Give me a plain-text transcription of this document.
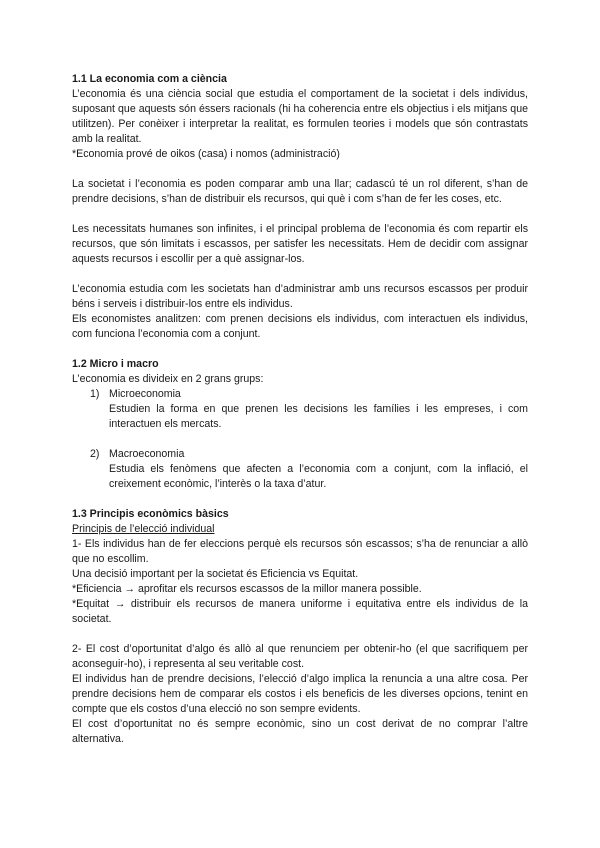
1.1 La economia com a ciència

L’economia és una ciència social que estudia el comportament de la societat i dels individus, suposant que aquests són éssers racionals (hi ha coherencia entre els objectius i els mitjans que utilitzen). Per conèixer i interpretar la realitat, es formulen teories i models que són contrastats amb la realitat.

*Economia prové de oikos (casa) i nomos (administració)

La societat i l’economia es poden comparar amb una llar; cadascú té un rol diferent, s’han de prendre decisions, s’han de distribuir els recursos, qui què i com s’han de fer les coses, etc.

Les necessitats humanes son infinites, i el principal problema de l’economia és com repartir els recursos, que són limitats i escassos, per satisfer les necessitats. Hem de decidir com assignar aquests recursos i escollir per a què assignar-los.

L’economia estudia com les societats han d’administrar amb uns recursos escassos per produir béns i serveis i distribuir-los entre els individus.

Els economistes analitzen: com prenen decisions els individus, com interactuen els individus, com funciona l’economia com a conjunt.

1.2 Micro i macro

L’economia es divideix en 2 grans grups:

1) Microeconomia

Estudien la forma en que prenen les decisions les famílies i les empreses, i com interactuen els mercats.

2) Macroeconomia

Estudia els fenòmens que afecten a l’economia com a conjunt, com la inflació, el creixement econòmic, l’interès o la taxa d’atur.

1.3 Principis econòmics bàsics

Principis de l’elecció individual

1- Els individus han de fer eleccions perquè els recursos són escassos; s’ha de renunciar a allò que no escollim.

Una decisió important per la societat és Eficiencia vs Equitat.

*Eficiencia → aprofitar els recursos escassos de la millor manera possible.

*Equitat → distribuir els recursos de manera uniforme i equitativa entre els individus de la societat.

2- El cost d’oportunitat d’algo és allò al que renunciem per obtenir-ho (el que sacrifiquem per aconseguir-ho), i representa al seu veritable cost.

El individus han de prendre decisions, l’elecció d’algo implica la renuncia a una altre cosa. Per prendre decisions hem de comparar els costos i els beneficis de les diverses opcions, tenint en compte que els costos d’una elecció no son sempre evidents.

El cost d’oportunitat no és sempre econòmic, sino un cost derivat de no comprar l’altre alternativa.
